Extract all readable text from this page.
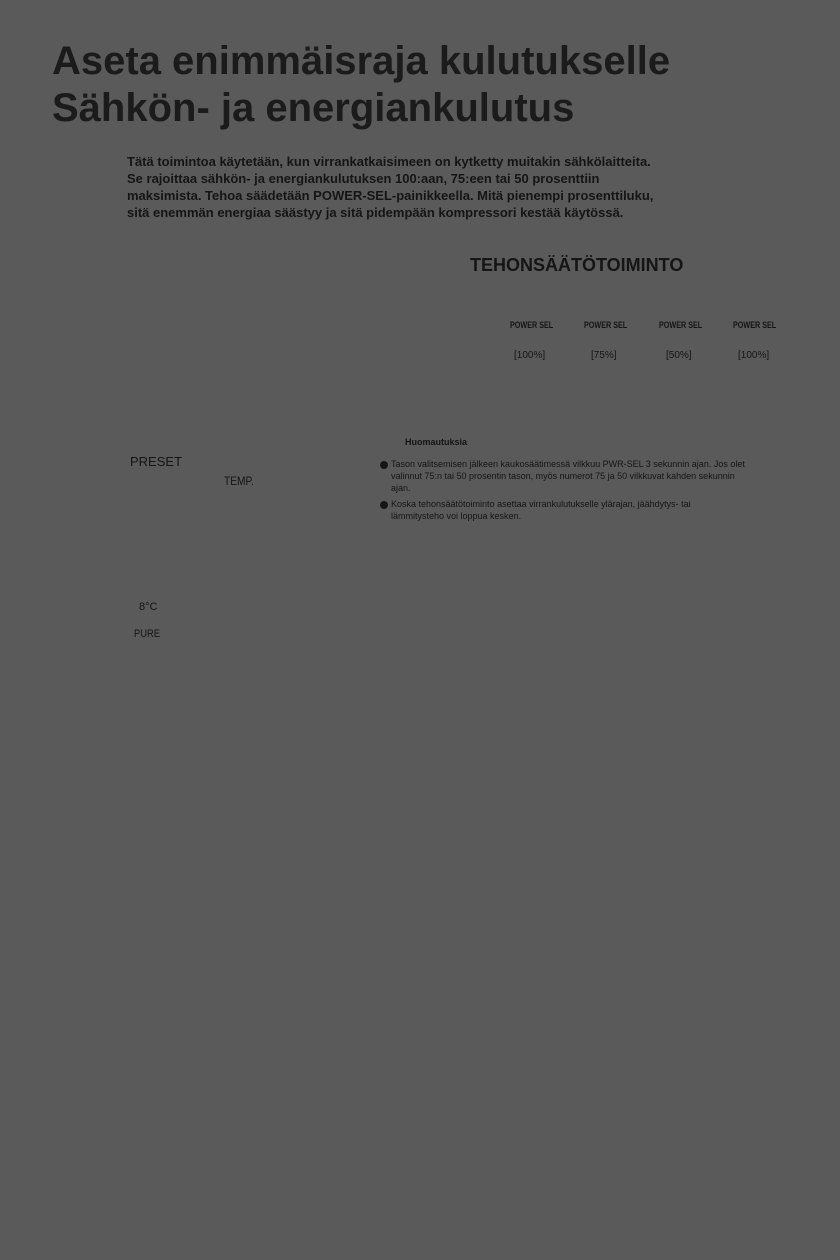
Aseta enimmäisraja kulutukselle
Sähkön- ja energiankulutus
Tätä toimintoa käytetään, kun virrankatkaisimeen on kytketty muitakin sähkölaitteita.
Se rajoittaa sähkön- ja energiankulutuksen 100:aan, 75:een tai 50 prosenttiin
maksimista. Tehoa säädetään POWER-SEL-painikkeella. Mitä pienempi prosenttiluku,
sitä enemmän energiaa säästyy ja sitä pidempään kompressori kestää käytössä.
TEHONSÄÄTÖTOIMINTO
POWER SEL	POWER SEL	POWER SEL	POWER SEL
[100%]	[75%]	[50%]	[100%]
Huomautuksia
Tason valitsemisen jälkeen kaukosäätimessä vilkkuu PWR-SEL 3 sekunnin ajan. Jos olet
valinnut 75:n tai 50 prosentin tason, myös numerot 75 ja 50 vilkkuvat kahden sekunnin
ajan.
Koska tehonsäätötoiminto asettaa virrankulutukselle ylärajan, jäähdytys- tai
lämmitysteho voi loppua kesken.
PRESET
TEMP.
8°C
PURE
